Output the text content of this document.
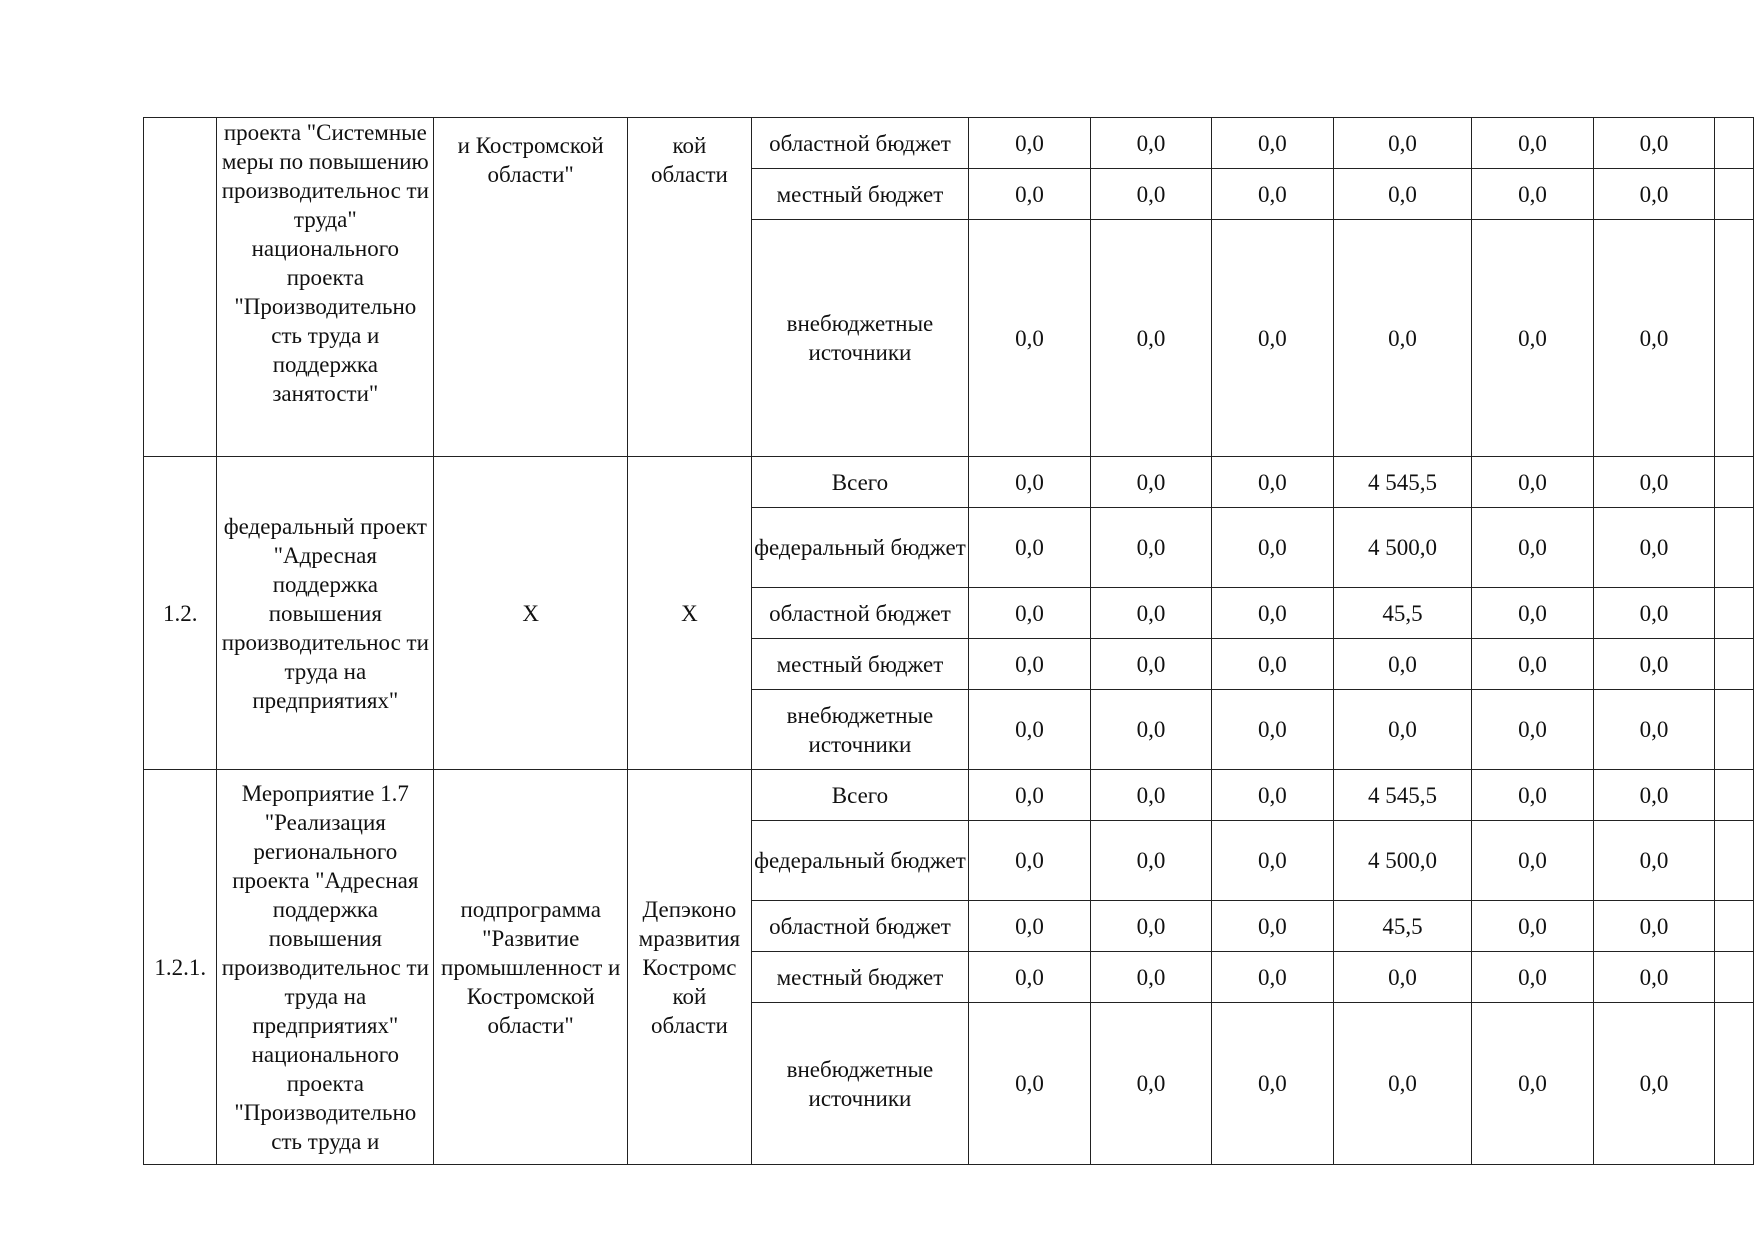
	проекта "Системные меры по повышению производительнос ти труда" национального проекта "Производительно сть труда и поддержка занятости"	и Костромской области"	кой области	областной бюджет	0,0	0,0	0,0	0,0	0,0	0,0	
				местный бюджет	0,0	0,0	0,0	0,0	0,0	0,0	
				внебюджетные источники	0,0	0,0	0,0	0,0	0,0	0,0	
1.2.	федеральный проект "Адресная поддержка повышения производительнос ти труда на предприятиях"	Х	Х	Всего	0,0	0,0	0,0	4 545,5	0,0	0,0	
				федеральный бюджет	0,0	0,0	0,0	4 500,0	0,0	0,0	
				областной бюджет	0,0	0,0	0,0	45,5	0,0	0,0	
				местный бюджет	0,0	0,0	0,0	0,0	0,0	0,0	
				внебюджетные источники	0,0	0,0	0,0	0,0	0,0	0,0	
1.2.1.	Мероприятие 1.7 "Реализация регионального проекта "Адресная поддержка повышения производительнос ти труда на предприятиях" национального проекта "Производительно сть труда и	подпрограмма "Развитие промышленност и Костромской области"	Депэконо мразвития Костромс кой области	Всего	0,0	0,0	0,0	4 545,5	0,0	0,0	
				федеральный бюджет	0,0	0,0	0,0	4 500,0	0,0	0,0	
				областной бюджет	0,0	0,0	0,0	45,5	0,0	0,0	
				местный бюджет	0,0	0,0	0,0	0,0	0,0	0,0	
				внебюджетные источники	0,0	0,0	0,0	0,0	0,0	0,0	
